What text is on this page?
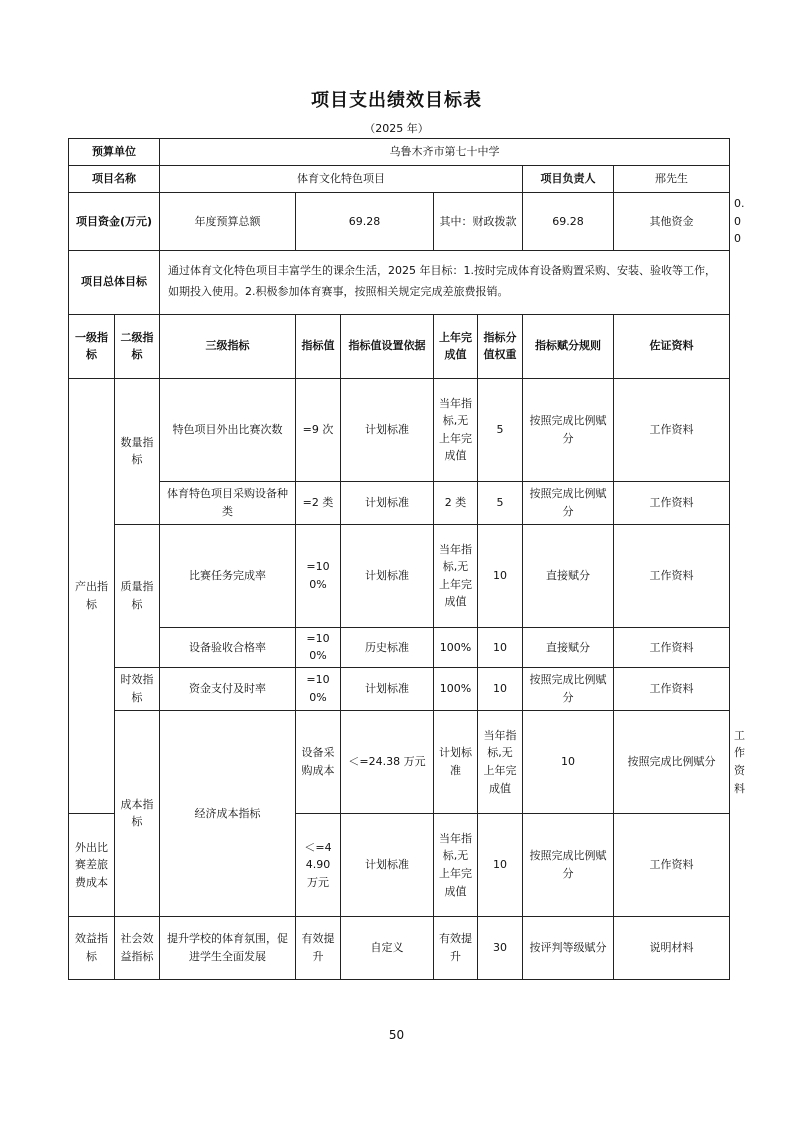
项目支出绩效目标表
（2025 年）
预算单位		乌鲁木齐市第七十中学							
项目名称		体育文化特色项目					项目负责人	邢先生	
项目资金(万元)		年度预算总额	69.28		其中：财政拨款		69.28	其他资金	0.00
项目总体目标		通过体育文化特色项目丰富学生的课余生活，2025 年目标：1.按时完成体育设备购置采购、安装、验收等工作，如期投入使用。2.积极参加体育赛事，按照相关规定完成差旅费报销。							
一级指标	二级指标	三级指标	指标值	指标值设置依据	上年完成值	指标分值权重	指标赋分规则	佐证资料	
产出指标	数量指标	特色项目外出比赛次数	=9 次	计划标准	当年指标,无上年完成值	5	按照完成比例赋分	工作资料	
		体育特色项目采购设备种类	=2 类	计划标准	2 类	5	按照完成比例赋分	工作资料	
	质量指标	比赛任务完成率	=100%	计划标准	当年指标,无上年完成值	10	直接赋分	工作资料	
		设备验收合格率	=100%	历史标准	100%	10	直接赋分	工作资料	
	时效指标	资金支付及时率	=100%	计划标准	100%	10	按照完成比例赋分	工作资料	
	成本指标	经济成本指标	设备采购成本	＜=24.38 万元	计划标准	当年指标,无上年完成值	10	按照完成比例赋分	工作资料
外出比赛差旅费成本			＜=44.90 万元	计划标准	当年指标,无上年完成值	10	按照完成比例赋分	工作资料	
效益指标	社会效益指标	提升学校的体育氛围，促进学生全面发展	有效提升	自定义	有效提升	30	按评判等级赋分	说明材料	
50
